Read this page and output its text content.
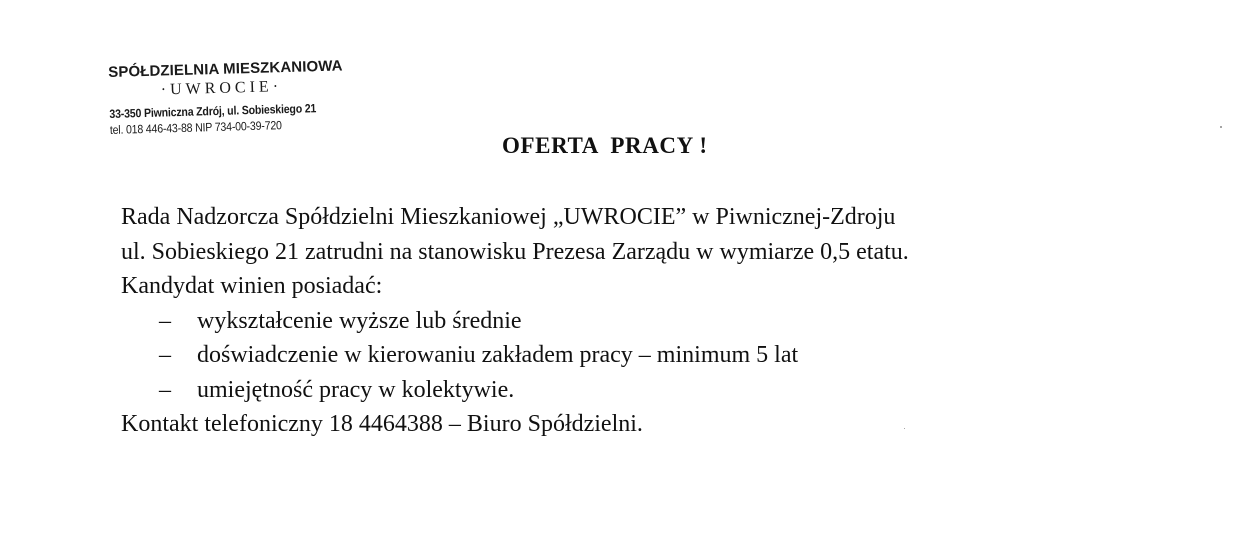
SPÓŁDZIELNIA MIESZKANIOWA
·UWROCIE·
33-350 Piwniczna Zdrój, ul. Sobieskiego 21
tel. 018 446-43-88 NIP 734-00-39-720
OFERTA  PRACY !

Rada Nadzorcza Spółdzielni Mieszkaniowej „UWROCIE” w Piwnicznej-Zdroju

ul. Sobieskiego 21 zatrudni na stanowisku Prezesa Zarządu w wymiarze 0,5 etatu.

Kandydat winien posiadać:

– wykształcenie wyższe lub średnie
– doświadczenie w kierowaniu zakładem pracy – minimum 5 lat
– umiejętność pracy w kolektywie.

Kontakt telefoniczny 18 4464388 – Biuro Spółdzielni.
